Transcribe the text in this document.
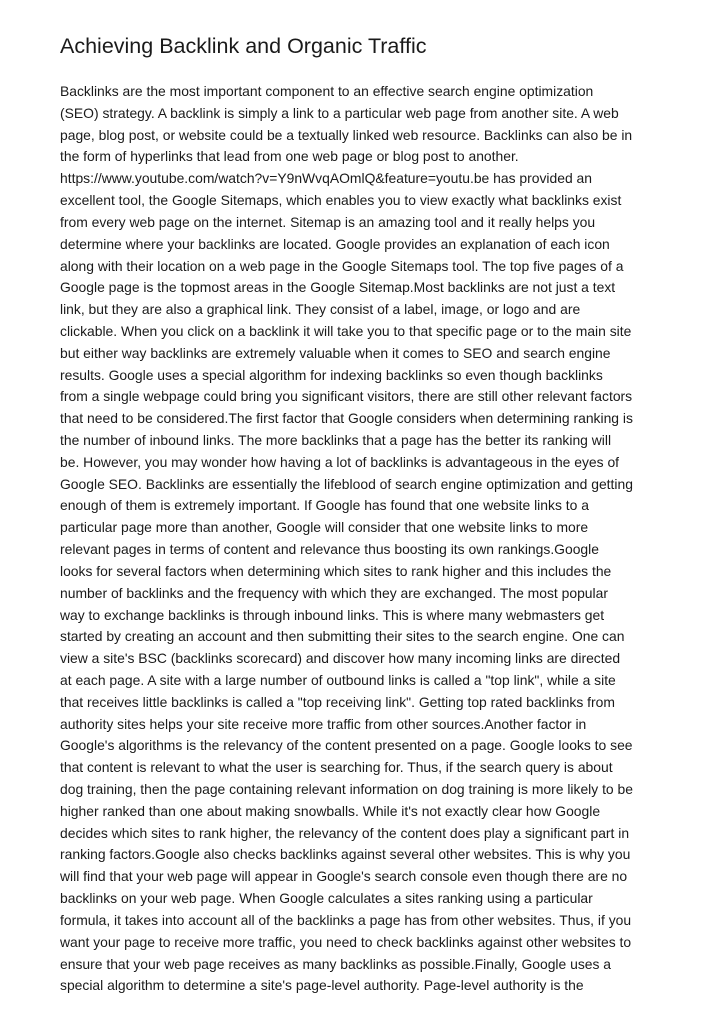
Achieving Backlink and Organic Traffic
Backlinks are the most important component to an effective search engine optimization
(SEO) strategy. A backlink is simply a link to a particular web page from another site. A web
page, blog post, or website could be a textually linked web resource. Backlinks can also be in
the form of hyperlinks that lead from one web page or blog post to another.
https://www.youtube.com/watch?v=Y9nWvqAOmlQ&feature=youtu.be has provided an
excellent tool, the Google Sitemaps, which enables you to view exactly what backlinks exist
from every web page on the internet. Sitemap is an amazing tool and it really helps you
determine where your backlinks are located. Google provides an explanation of each icon
along with their location on a web page in the Google Sitemaps tool. The top five pages of a
Google page is the topmost areas in the Google Sitemap.Most backlinks are not just a text
link, but they are also a graphical link. They consist of a label, image, or logo and are
clickable. When you click on a backlink it will take you to that specific page or to the main site
but either way backlinks are extremely valuable when it comes to SEO and search engine
results. Google uses a special algorithm for indexing backlinks so even though backlinks
from a single webpage could bring you significant visitors, there are still other relevant factors
that need to be considered.The first factor that Google considers when determining ranking is
the number of inbound links. The more backlinks that a page has the better its ranking will
be. However, you may wonder how having a lot of backlinks is advantageous in the eyes of
Google SEO. Backlinks are essentially the lifeblood of search engine optimization and getting
enough of them is extremely important. If Google has found that one website links to a
particular page more than another, Google will consider that one website links to more
relevant pages in terms of content and relevance thus boosting its own rankings.Google
looks for several factors when determining which sites to rank higher and this includes the
number of backlinks and the frequency with which they are exchanged. The most popular
way to exchange backlinks is through inbound links. This is where many webmasters get
started by creating an account and then submitting their sites to the search engine. One can
view a site's BSC (backlinks scorecard) and discover how many incoming links are directed
at each page. A site with a large number of outbound links is called a "top link", while a site
that receives little backlinks is called a "top receiving link". Getting top rated backlinks from
authority sites helps your site receive more traffic from other sources.Another factor in
Google's algorithms is the relevancy of the content presented on a page. Google looks to see
that content is relevant to what the user is searching for. Thus, if the search query is about
dog training, then the page containing relevant information on dog training is more likely to be
higher ranked than one about making snowballs. While it's not exactly clear how Google
decides which sites to rank higher, the relevancy of the content does play a significant part in
ranking factors.Google also checks backlinks against several other websites. This is why you
will find that your web page will appear in Google's search console even though there are no
backlinks on your web page. When Google calculates a sites ranking using a particular
formula, it takes into account all of the backlinks a page has from other websites. Thus, if you
want your page to receive more traffic, you need to check backlinks against other websites to
ensure that your web page receives as many backlinks as possible.Finally, Google uses a
special algorithm to determine a site's page-level authority. Page-level authority is the
